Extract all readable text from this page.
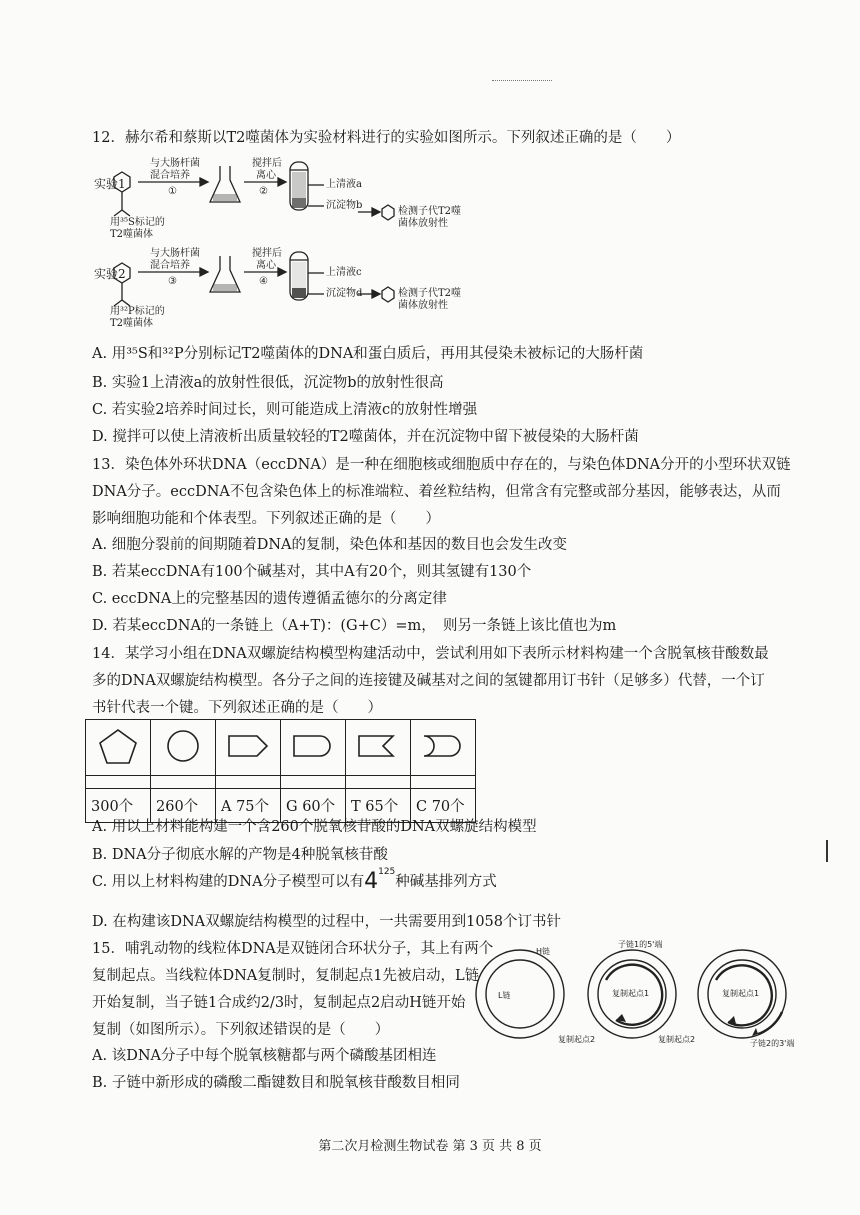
12．赫尔希和蔡斯以T2噬菌体为实验材料进行的实验如图所示。下列叙述正确的是（　　）
实验1
用³⁵S标记的
T2噬菌体
与大肠杆菌
混合培养
①
搅拌后
离心
②
上清液a
沉淀物b
检测子代T2噬
菌体放射性
实验2
用³²P标记的
T2噬菌体
与大肠杆菌
混合培养
③
搅拌后
离心
④
上清液c
沉淀物d	检测子代T2噬
菌体放射性
A. 用³⁵S和³²P分别标记T2噬菌体的DNA和蛋白质后，再用其侵染未被标记的大肠杆菌
B. 实验1上清液a的放射性很低，沉淀物b的放射性很高
C. 若实验2培养时间过长，则可能造成上清液c的放射性增强
D. 搅拌可以使上清液析出质量较轻的T2噬菌体，并在沉淀物中留下被侵染的大肠杆菌
13．染色体外环状DNA（eccDNA）是一种在细胞核或细胞质中存在的，与染色体DNA分开的小型环状双链
DNA分子。eccDNA不包含染色体上的标准端粒、着丝粒结构，但常含有完整或部分基因，能够表达，从而
影响细胞功能和个体表型。下列叙述正确的是（　　）
A. 细胞分裂前的间期随着DNA的复制，染色体和基因的数目也会发生改变
B. 若某eccDNA有100个碱基对，其中A有20个，则其氢键有130个
C. eccDNA上的完整基因的遗传遵循孟德尔的分离定律
D. 若某eccDNA的一条链上（A+T)：(G+C）=m，　则另一条链上该比值也为m
14．某学习小组在DNA双螺旋结构模型构建活动中，尝试利用如下表所示材料构建一个含脱氧核苷酸数最
多的DNA双螺旋结构模型。各分子之间的连接键及碱基对之间的氢键都用订书针（足够多）代替，一个订
书针代表一个键。下列叙述正确的是（　　）

300个	260个	A 75个	G 60个	T 65个	C 70个
A. 用以上材料能构建一个含260个脱氧核苷酸的DNA双螺旋结构模型
B. DNA分子彻底水解的产物是4种脱氧核苷酸
C. 用以上材料构建的DNA分子模型可以有$4^{125}$种碱基排列方式
D. 在构建该DNA双螺旋结构模型的过程中，一共需要用到1058个订书针
15．哺乳动物的线粒体DNA是双链闭合环状分子，其上有两个
复制起点。当线粒体DNA复制时，复制起点1先被启动，L链
开始复制，当子链1合成约2/3时，复制起点2启动H链开始
复制（如图所示）。下列叙述错误的是（　　）
H链
L链
复制起点2
子链1的5'端
复制起点1
复制起点2
复制起点1
子链2的3'端
A. 该DNA分子中每个脱氧核糖都与两个磷酸基团相连
B. 子链中新形成的磷酸二酯键数目和脱氧核苷酸数目相同
第二次月检测生物试卷 第 3 页 共 8 页
